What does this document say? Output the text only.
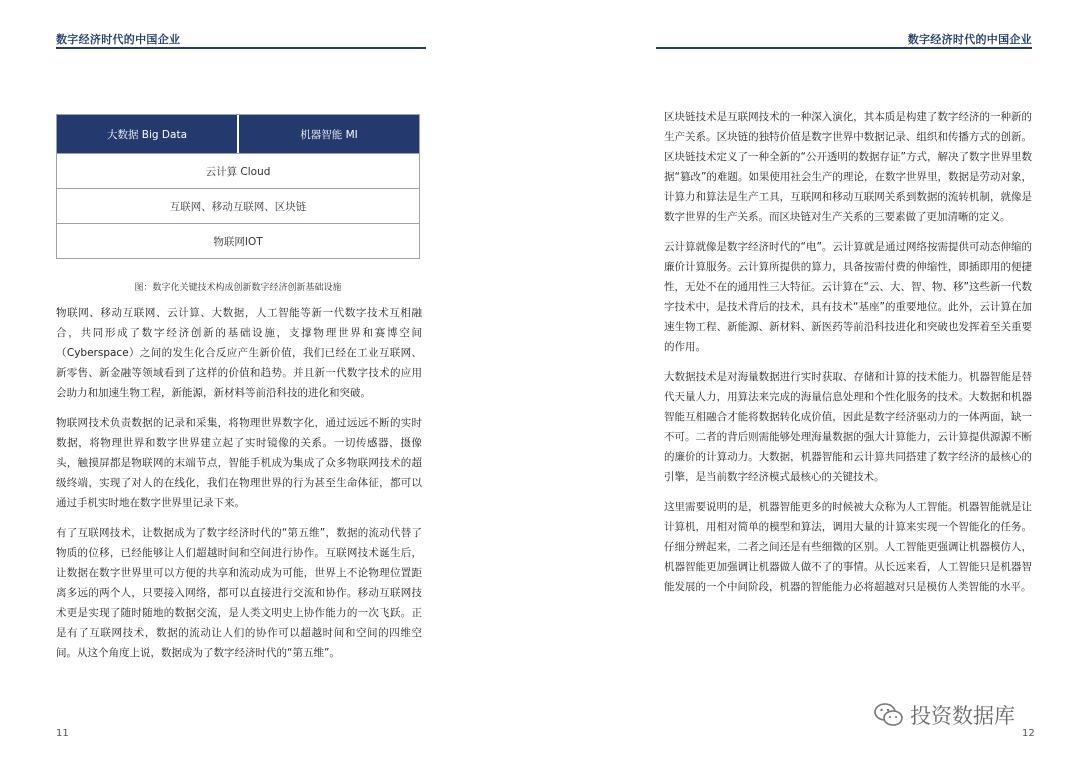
数字经济时代的中国企业	数字经济时代的中国企业
大数据 Big Data	机器智能 MI
云计算 Cloud
互联网、移动互联网、区块链
物联网IOT
图：数字化关键技术构成创新数字经济创新基础设施

物联网、移动互联网、云计算、大数据，人工智能等新一代数字技术互相融合，共同形成了数字经济创新的基础设施，支撑物理世界和赛博空间（Cyberspace）之间的发生化合反应产生新价值，我们已经在工业互联网、新零售、新金融等领域看到了这样的价值和趋势。并且新一代数字技术的应用会助力和加速生物工程，新能源，新材料等前沿科技的进化和突破。

物联网技术负责数据的记录和采集，将物理世界数字化，通过远远不断的实时数据，将物理世界和数字世界建立起了实时镜像的关系。一切传感器，摄像头，触摸屏都是物联网的末端节点，智能手机成为集成了众多物联网技术的超级终端，实现了对人的在线化，我们在物理世界的行为甚至生命体征，都可以通过手机实时地在数字世界里记录下来。

有了互联网技术，让数据成为了数字经济时代的“第五维”，数据的流动代替了物质的位移，已经能够让人们超越时间和空间进行协作。互联网技术诞生后，让数据在数字世界里可以方便的共享和流动成为可能，世界上不论物理位置距离多远的两个人，只要接入网络，都可以直接进行交流和协作。移动互联网技术更是实现了随时随地的数据交流，是人类文明史上协作能力的一次飞跃。正是有了互联网技术，数据的流动让人们的协作可以超越时间和空间的四维空间。从这个角度上说，数据成为了数字经济时代的“第五维”。

区块链技术是互联网技术的一种深入演化，其本质是构建了数字经济的一种新的生产关系。区块链的独特价值是数字世界中数据记录、组织和传播方式的创新。区块链技术定义了一种全新的“公开透明的数据存证”方式，解决了数字世界里数据“篡改”的难题。如果使用社会生产的理论，在数字世界里，数据是劳动对象，计算力和算法是生产工具，互联网和移动互联网关系到数据的流转机制，就像是数字世界的生产关系。而区块链对生产关系的三要素做了更加清晰的定义。

云计算就像是数字经济时代的“电”。云计算就是通过网络按需提供可动态伸缩的廉价计算服务。云计算所提供的算力，具备按需付费的伸缩性，即插即用的便捷性，无处不在的通用性三大特征。云计算在“云、大、智、物、移”这些新一代数字技术中，是技术背后的技术，具有技术“基座”的重要地位。此外，云计算在加速生物工程、新能源、新材料、新医药等前沿科技进化和突破也发挥着至关重要的作用。

大数据技术是对海量数据进行实时获取、存储和计算的技术能力。机器智能是替代天量人力，用算法来完成的海量信息处理和个性化服务的技术。大数据和机器智能互相融合才能将数据转化成价值，因此是数字经济驱动力的一体两面，缺一不可。二者的背后则需能够处理海量数据的强大计算能力，云计算提供源源不断的廉价的计算动力。大数据，机器智能和云计算共同搭建了数字经济的最核心的引擎，是当前数字经济模式最核心的关键技术。

这里需要说明的是，机器智能更多的时候被大众称为人工智能。机器智能就是让计算机，用相对简单的模型和算法，调用大量的计算来实现一个智能化的任务。仔细分辨起来，二者之间还是有些细微的区别。人工智能更强调让机器模仿人，机器智能更加强调让机器做人做不了的事情。从长远来看，人工智能只是机器智能发展的一个中间阶段，机器的智能能力必将超越对只是模仿人类智能的水平。

11	12
投资数据库
